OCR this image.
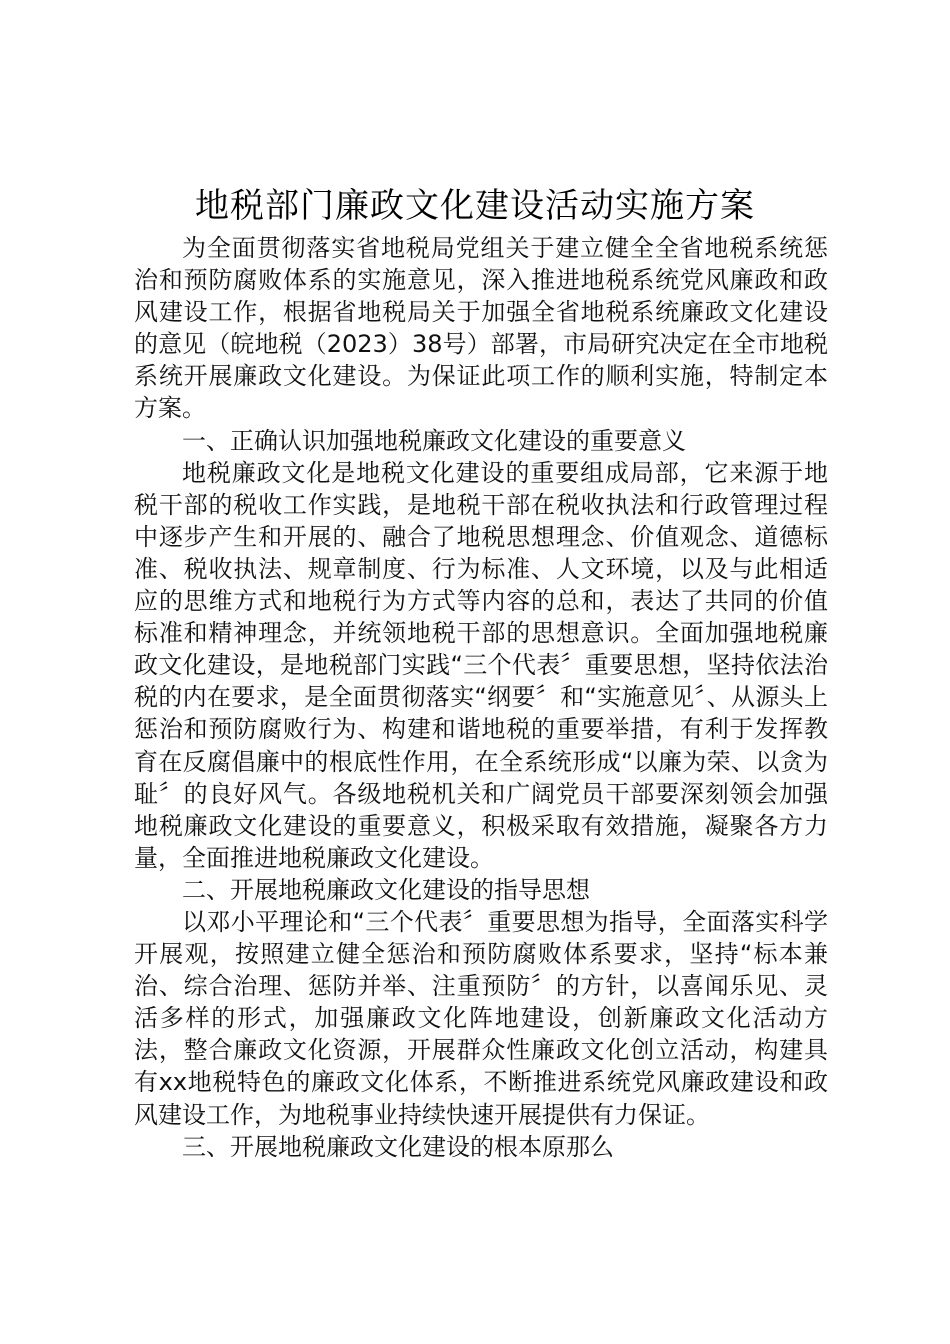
地税部门廉政文化建设活动实施方案

为全面贯彻落实省地税局党组关于建立健全全省地税系统惩治和预防腐败体系的实施意见，深入推进地税系统党风廉政和政风建设工作，根据省地税局关于加强全省地税系统廉政文化建设的意见（皖地税（2023）38号）部署，市局研究决定在全市地税系统开展廉政文化建设。为保证此项工作的顺利实施，特制定本方案。

一、正确认识加强地税廉政文化建设的重要意义

地税廉政文化是地税文化建设的重要组成局部，它来源于地税干部的税收工作实践，是地税干部在税收执法和行政管理过程中逐步产生和开展的、融合了地税思想理念、价值观念、道德标准、税收执法、规章制度、行为标准、人文环境，以及与此相适应的思维方式和地税行为方式等内容的总和，表达了共同的价值标准和精神理念，并统领地税干部的思想意识。全面加强地税廉政文化建设，是地税部门实践“三个代表〞重要思想，坚持依法治税的内在要求，是全面贯彻落实“纲要〞和“实施意见〞、从源头上惩治和预防腐败行为、构建和谐地税的重要举措，有利于发挥教育在反腐倡廉中的根底性作用，在全系统形成“以廉为荣、以贪为耻〞的良好风气。各级地税机关和广阔党员干部要深刻领会加强地税廉政文化建设的重要意义，积极采取有效措施，凝聚各方力量，全面推进地税廉政文化建设。

二、开展地税廉政文化建设的指导思想

以邓小平理论和“三个代表〞重要思想为指导，全面落实科学开展观，按照建立健全惩治和预防腐败体系要求，坚持“标本兼治、综合治理、惩防并举、注重预防〞的方针，以喜闻乐见、灵活多样的形式，加强廉政文化阵地建设，创新廉政文化活动方法，整合廉政文化资源，开展群众性廉政文化创立活动，构建具有xx地税特色的廉政文化体系，不断推进系统党风廉政建设和政风建设工作，为地税事业持续快速开展提供有力保证。

三、开展地税廉政文化建设的根本原那么
